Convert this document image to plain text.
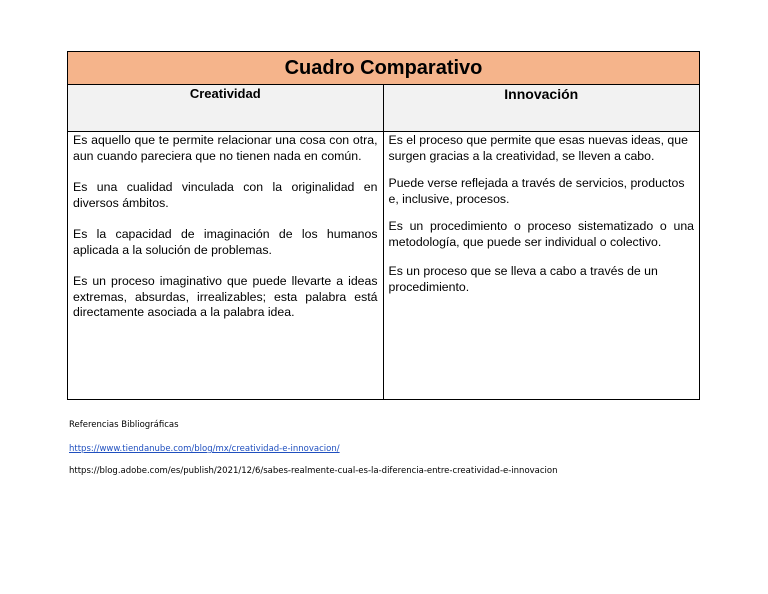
Cuadro Comparativo
Creatividad	Innovación

Es aquello que te permite relacionar una cosa con otra, aun cuando pareciera que no tienen nada en común.

Es una cualidad vinculada con la originalidad en diversos ámbitos.

Es la capacidad de imaginación de los humanos aplicada a la solución de problemas.

Es un proceso imaginativo que puede llevarte a ideas extremas, absurdas, irrealizables; esta palabra está directamente asociada a la palabra idea.

Es el proceso que permite que esas nuevas ideas, que surgen gracias a la creatividad, se lleven a cabo.

Puede verse reflejada a través de servicios, productos e, inclusive, procesos.

Es un procedimiento o proceso sistematizado o una metodología, que puede ser individual o colectivo.

Es un proceso que se lleva a cabo a través de un procedimiento.

Referencias Bibliográficas

https://www.tiendanube.com/blog/mx/creatividad-e-innovacion/
https://blog.adobe.com/es/publish/2021/12/6/sabes-realmente-cual-es-la-diferencia-entre-creatividad-e-innovacion
